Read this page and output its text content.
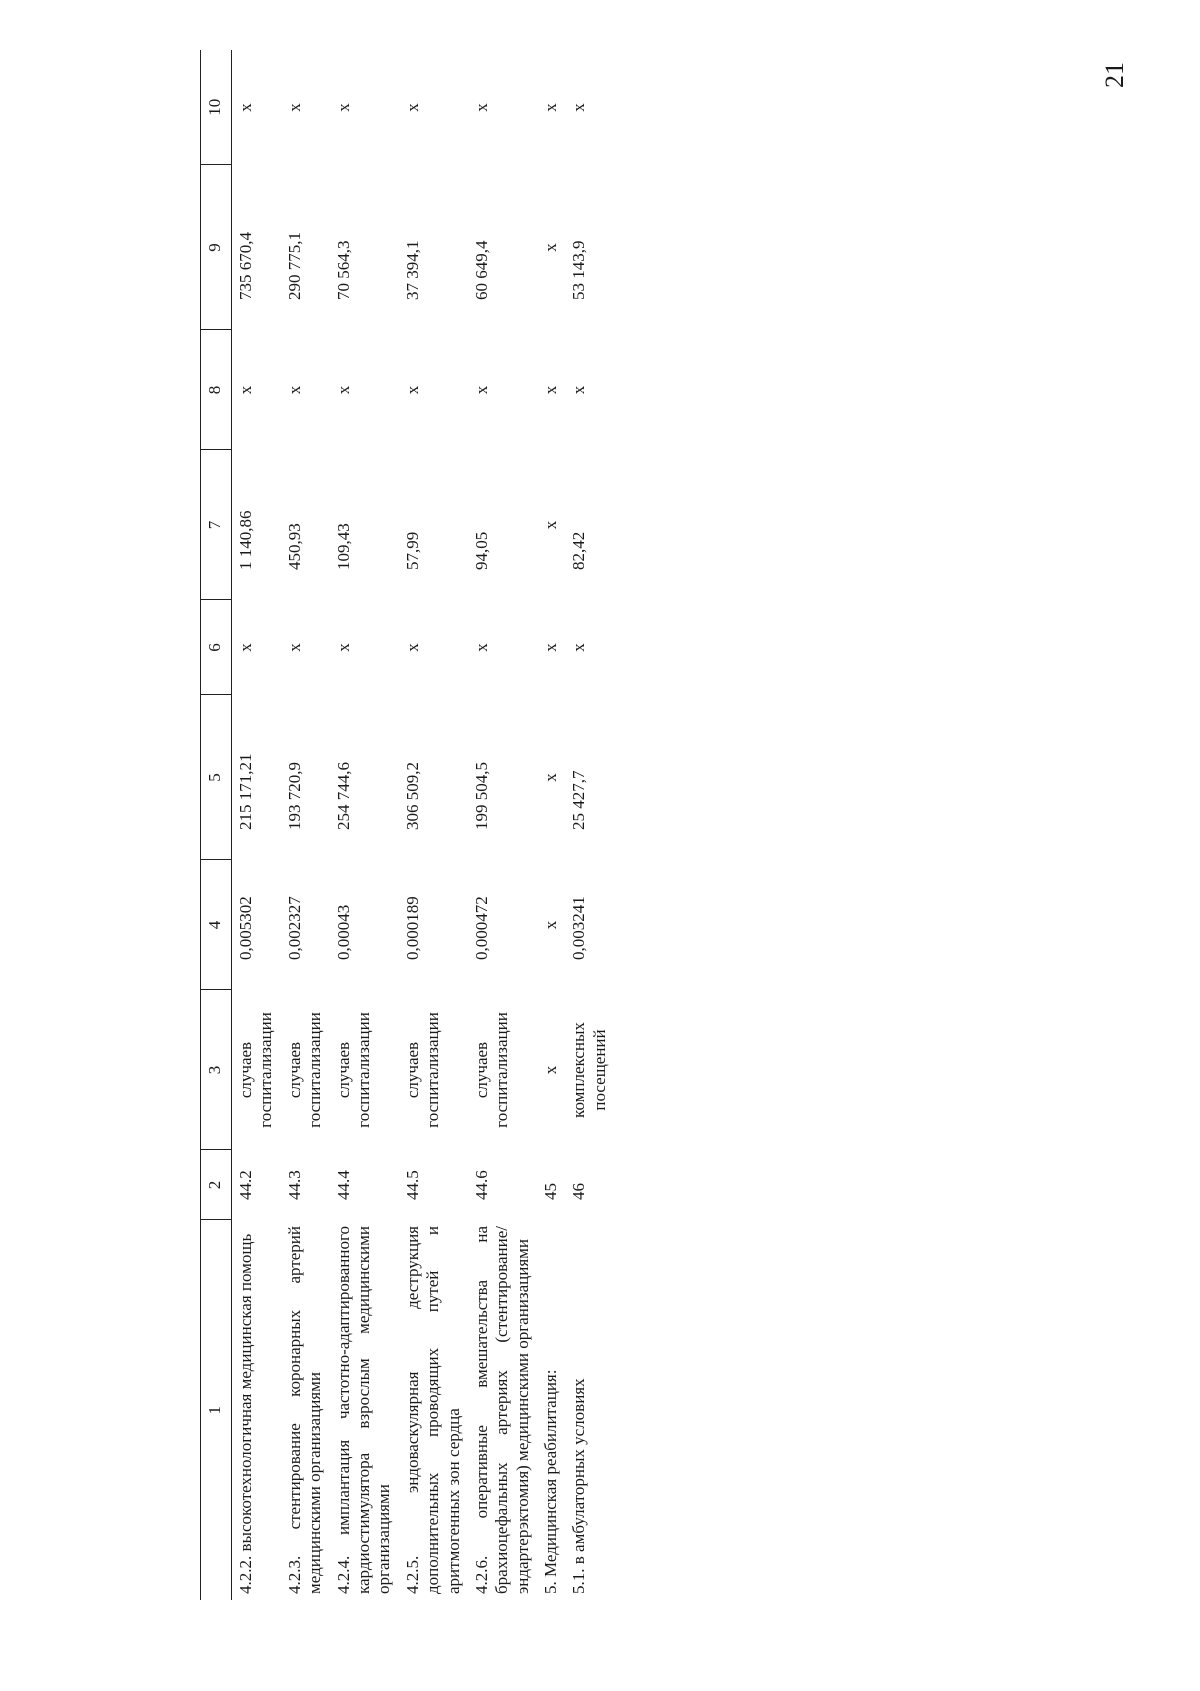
21
1	2	3	4	5	6	7	8	9	10
4.2.2. высокотехнологичная медицинская помощь	44.2	случаев госпитализации	0,005302	215 171,21	х	1 140,86	х	735 670,4	х
4.2.3. стентирование коронарных артерий медицинскими организациями	44.3	случаев госпитализации	0,002327	193 720,9	х	450,93	х	290 775,1	х
4.2.4. имплантация частотно-адаптированного кардиостимулятора взрослым медицинскими организациями	44.4	случаев госпитализации	0,00043	254 744,6	х	109,43	х	70 564,3	х
4.2.5. эндоваскулярная деструкция дополнительных проводящих путей и аритмогенных зон сердца	44.5	случаев госпитализации	0,000189	306 509,2	х	57,99	х	37 394,1	х
4.2.6. оперативные вмешательства на брахиоцефальных артериях (стентирование/ эндартерэктомия) медицинскими организациями	44.6	случаев госпитализации	0,000472	199 504,5	х	94,05	х	60 649,4	х
5. Медицинская реабилитация:	45	х	х	х	х	х	х	х	х
5.1. в амбулаторных условиях	46	комплексных посещений	0,003241	25 427,7	х	82,42	х	53 143,9	х
